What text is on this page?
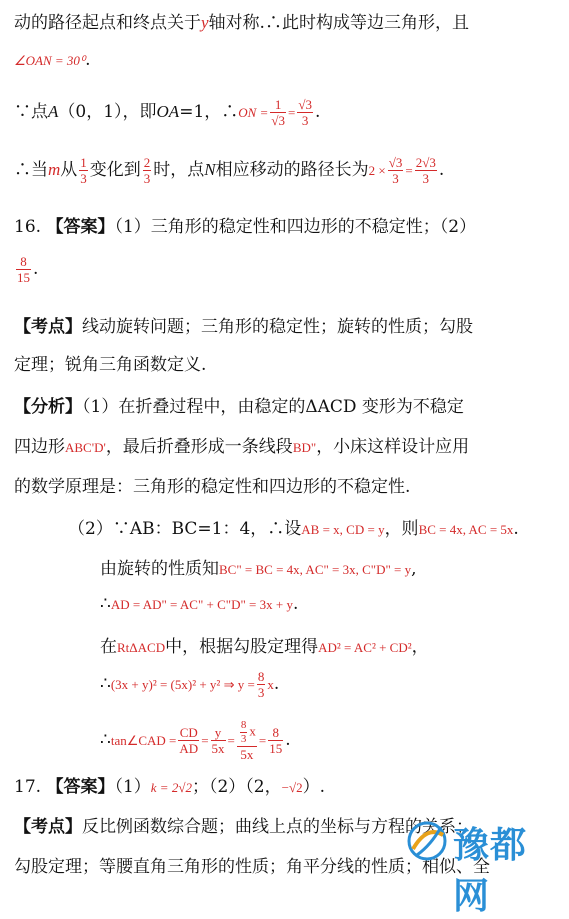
动的路径起点和终点关于y轴对称.∴此时构成等边三角形，且
∠OAN = 30⁰.
∵点A（0，1），即OA=1，∴ON = $\frac{1}{√3} = \frac{√3}{3}$ .
∴当m从 $\frac{1}{3}$ 变化到 $\frac{2}{3}$ 时，点N相应移动的路径长为$2 \times \frac{√3}{3} = \frac{2√3}{3}$ .
16. 【答案】（1）三角形的稳定性和四边形的不稳定性；（2）
$\frac{8}{15}$ .
【考点】线动旋转问题；三角形的稳定性；旋转的性质；勾股
定理；锐角三角函数定义.
【分析】（1）在折叠过程中，由稳定的ΔACD 变形为不稳定
四边形ABC'D'，最后折叠形成一条线段BD"，小床这样设计应用
的数学原理是：三角形的稳定性和四边形的不稳定性.
（2）∵AB：BC=1：4，∴设AB = x, CD = y，则BC = 4x, AC = 5x.
由旋转的性质知BC" = BC = 4x, AC" = 3x, C"D" = y,
∴AD = AD" = AC" + C"D" = 3x + y.
在RtΔACD中，根据勾股定理得AD² = AC² + CD²，
∴(3x + y)² = (5x)² + y² ⇒ $y = \frac{8}{3} x$.
∴tan∠CAD = $\frac{CD}{AD} = \frac{y}{5x} = \frac{\frac{8}{3} x}{5x} = \frac{8}{15}$ .
17. 【答案】（1）k = 2√2；（2）（2，−√2）.
【考点】反比例函数综合题；曲线上点的坐标与方程的关系；
勾股定理；等腰直角三角形的性质；角平分线的性质；相似、全
豫都网
